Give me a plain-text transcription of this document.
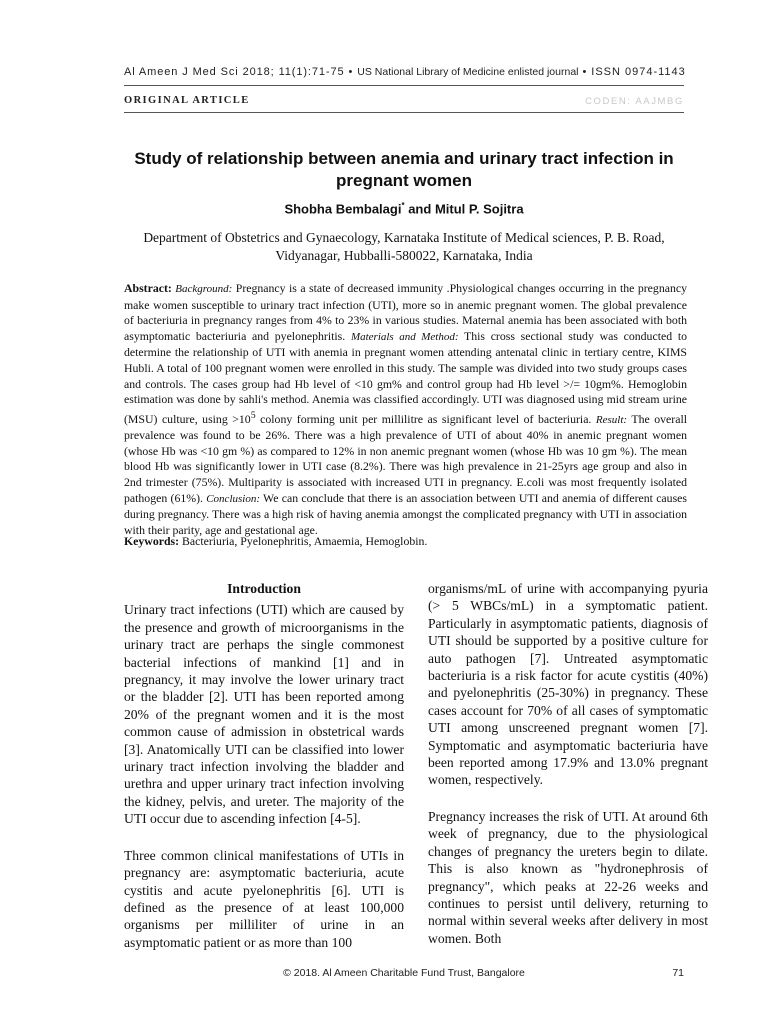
Al Ameen J Med Sci 2018; 11(1):71-75 • US National Library of Medicine enlisted journal • ISSN 0974-1143
ORIGINAL ARTICLE	CODEN: AAJMBG
Study of relationship between anemia and urinary tract infection in pregnant women
Shobha Bembalagi* and Mitul P. Sojitra
Department of Obstetrics and Gynaecology, Karnataka Institute of Medical sciences, P. B. Road, Vidyanagar, Hubballi-580022, Karnataka, India
Abstract: Background: Pregnancy is a state of decreased immunity .Physiological changes occurring in the pregnancy make women susceptible to urinary tract infection (UTI), more so in anemic pregnant women. The global prevalence of bacteriuria in pregnancy ranges from 4% to 23% in various studies. Maternal anemia has been associated with both asymptomatic bacteriuria and pyelonephritis. Materials and Method: This cross sectional study was conducted to determine the relationship of UTI with anemia in pregnant women attending antenatal clinic in tertiary centre, KIMS Hubli. A total of 100 pregnant women were enrolled in this study. The sample was divided into two study groups cases and controls. The cases group had Hb level of <10 gm% and control group had Hb level >/= 10gm%. Hemoglobin estimation was done by sahli's method. Anemia was classified accordingly. UTI was diagnosed using mid stream urine (MSU) culture, $using >10^5$ colony forming unit per millilitre as significant level of bacteriuria. Result: The overall prevalence was found to be 26%. There was a high prevalence of UTI of about 40% in anemic pregnant women (whose Hb was <10 gm %) as compared to 12% in non anemic pregnant women (whose Hb was 10 gm %). The mean blood Hb was significantly lower in UTI case (8.2%). There was high prevalence in 21-25yrs age group and also in 2nd trimester (75%). Multiparity is associated with increased UTI in pregnancy. E.coli was most frequently isolated pathogen (61%). Conclusion: We can conclude that there is an association between UTI and anemia of different causes during pregnancy. There was a high risk of having anemia amongst the complicated pregnancy with UTI in association with their parity, age and gestational age.
Keywords: Bacteriuria, Pyelonephritis, Amaemia, Hemoglobin.
Introduction

Urinary tract infections (UTI) which are caused by the presence and growth of microorganisms in the urinary tract are perhaps the single commonest bacterial infections of mankind [1] and in pregnancy, it may involve the lower urinary tract or the bladder [2]. UTI has been reported among 20% of the pregnant women and it is the most common cause of admission in obstetrical wards [3]. Anatomically UTI can be classified into lower urinary tract infection involving the bladder and urethra and upper urinary tract infection involving the kidney, pelvis, and ureter. The majority of the UTI occur due to ascending infection [4-5].

Three common clinical manifestations of UTIs in pregnancy are: asymptomatic bacteriuria, acute cystitis and acute pyelonephritis [6]. UTI is defined as the presence of at least 100,000 organisms per milliliter of urine in an asymptomatic patient or as more than 100

organisms/mL of urine with accompanying pyuria (> 5 WBCs/mL) in a symptomatic patient. Particularly in asymptomatic patients, diagnosis of UTI should be supported by a positive culture for auto pathogen [7]. Untreated asymptomatic bacteriuria is a risk factor for acute cystitis (40%) and pyelonephritis (25-30%) in pregnancy. These cases account for 70% of all cases of symptomatic UTI among unscreened pregnant women [7]. Symptomatic and asymptomatic bacteriuria have been reported among 17.9% and 13.0% pregnant women, respectively.

Pregnancy increases the risk of UTI. At around 6th week of pregnancy, due to the physiological changes of pregnancy the ureters begin to dilate. This is also known as "hydronephrosis of pregnancy", which peaks at 22-26 weeks and continues to persist until delivery, returning to normal within several weeks after delivery in most women. Both

© 2018. Al Ameen Charitable Fund Trust, Bangalore	71
